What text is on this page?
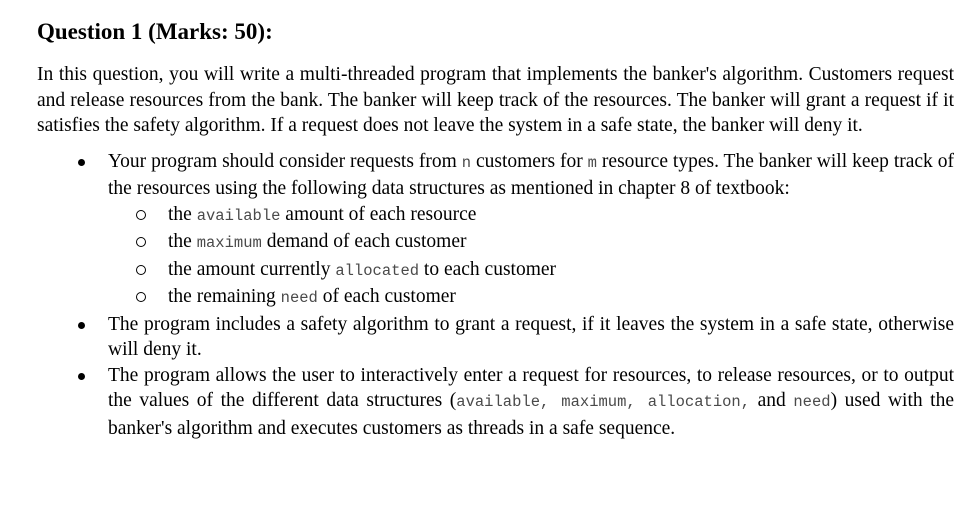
Question 1 (Marks: 50):

In this question, you will write a multi-threaded program that implements the banker's algorithm. Customers request and release resources from the bank. The banker will keep track of the resources. The banker will grant a request if it satisfies the safety algorithm. If a request does not leave the system in a safe state, the banker will deny it.

Your program should consider requests from n customers for m resource types. The banker will keep track of the resources using the following data structures as mentioned in chapter 8 of textbook:
the available amount of each resource
the maximum demand of each customer
the amount currently allocated to each customer
the remaining need of each customer
The program includes a safety algorithm to grant a request, if it leaves the system in a safe state, otherwise will deny it.
The program allows the user to interactively enter a request for resources, to release resources, or to output the values of the different data structures (available, maximum, allocation, and need) used with the banker's algorithm and executes customers as threads in a safe sequence.
